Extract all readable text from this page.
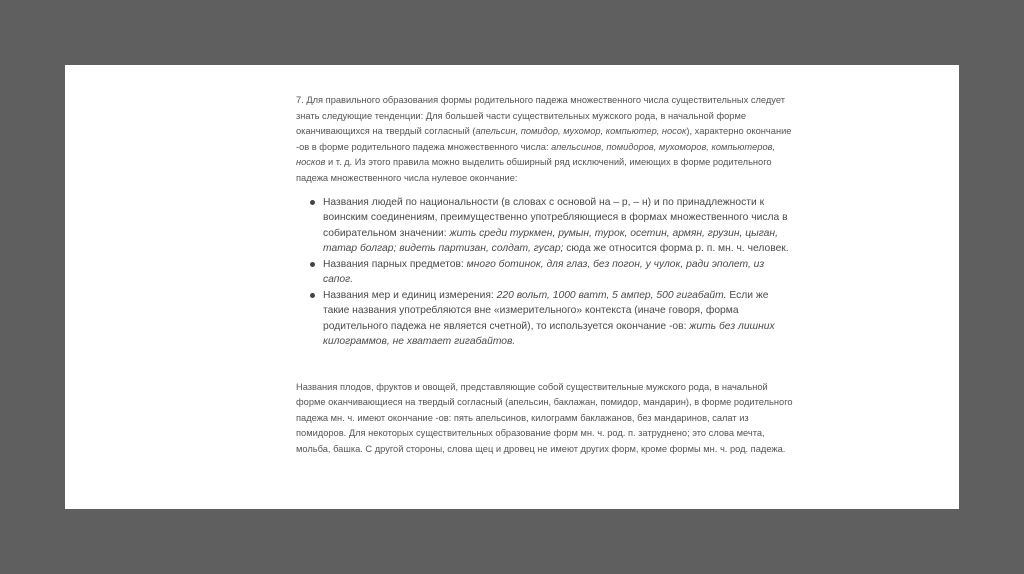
7. Для правильного образования формы родительного падежа множественного числа существительных следует знать следующие тенденции: Для большей части существительных мужского рода, в начальной форме оканчивающихся на твердый согласный (апельсин, помидор, мухомор, компьютер, носок), характерно окончание -ов в форме родительного падежа множественного числа: апельсинов, помидоров, мухоморов, компьютеров, носков и т. д. Из этого правила можно выделить обширный ряд исключений, имеющих в форме родительного падежа множественного числа нулевое окончание:

Названия людей по национальности (в словах с основой на – р, – н) и по принадлежности к воинским соединениям, преимущественно употребляющиеся в формах множественного числа в собирательном значении: жить среди туркмен, румын, турок, осетин, армян, грузин, цыган, татар болгар; видеть партизан, солдат, гусар; сюда же относится форма р. п. мн. ч. человек.
Названия парных предметов: много ботинок, для глаз, без погон, у чулок, ради эполет, из сапог.
Названия мер и единиц измерения: 220 вольт, 1000 ватт, 5 ампер, 500 гигабайт. Если же такие названия употребляются вне «измерительного» контекста (иначе говоря, форма родительного падежа не является счетной), то используется окончание -ов: жить без лишних килограммов, не хватает гигабайтов.

Названия плодов, фруктов и овощей, представляющие собой существительные мужского рода, в начальной форме оканчивающиеся на твердый согласный (апельсин, баклажан, помидор, мандарин), в форме родительного падежа мн. ч. имеют окончание -ов: пять апельсинов, килограмм баклажанов, без мандаринов, салат из помидоров. Для некоторых существительных образование форм мн. ч. род. п. затруднено; это слова мечта, мольба, башка. С другой стороны, слова щец и дровец не имеют других форм, кроме формы мн. ч. род. падежа.
